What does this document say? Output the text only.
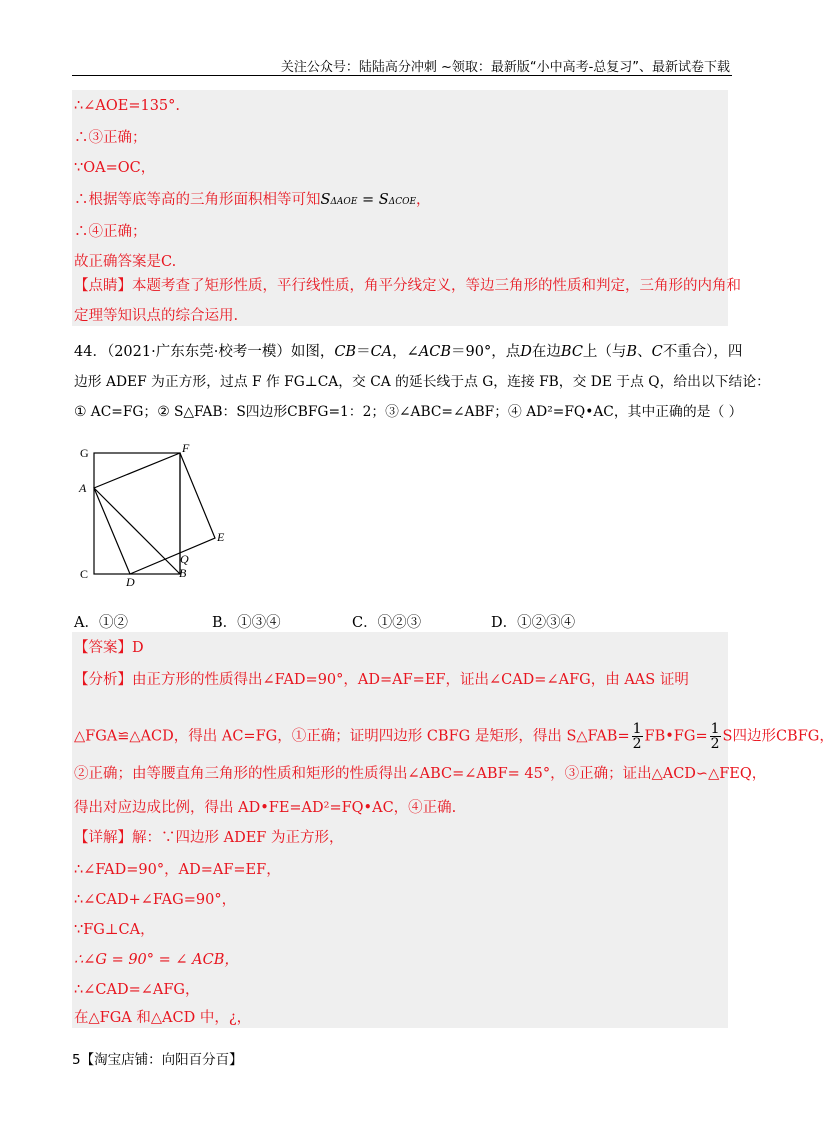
关注公众号：陆陆高分冲刺 ~领取：最新版“小中高考-总复习”、最新试卷下载
∴∠AOE=135°.
∴③正确；
∵OA=OC，
∴根据等底等高的三角形面积相等可知SΔAOE = SΔCOE，
∴④正确；
故正确答案是C.
【点睛】本题考查了矩形性质，平行线性质，角平分线定义，等边三角形的性质和判定，三角形的内角和
定理等知识点的综合运用.
44．（2021·广东东莞·校考一模）如图，CB＝CA，∠ACB＝90°，点D在边BC上（与B、C不重合），四
边形 ADEF 为正方形，过点 F 作 FG⊥CA，交 CA 的延长线于点 G，连接 FB，交 DE 于点 Q，给出以下结论：
① AC=FG；② S△FAB：S四边形CBFG=1：2；③∠ABC=∠ABF；④ AD²=FQ•AC，其中正确的是（ ）
G	F
A
E
Q
C
D
B
A．①②	B．①③④	C．①②③	D．①②③④
【答案】D
【分析】由正方形的性质得出∠FAD=90°，AD=AF=EF，证出∠CAD=∠AFG，由 AAS 证明
△FGA≌△ACD，得出 AC=FG，①正确；证明四边形 CBFG 是矩形，得出 S△FAB= $\frac{1}{2}$ FB•FG= $\frac{1}{2}$ S四边形CBFG，
②正确；由等腰直角三角形的性质和矩形的性质得出∠ABC=∠ABF= 45°，③正确；证出△ACD∽△FEQ，
得出对应边成比例，得出 AD•FE=AD²=FQ•AC，④正确.
【详解】解：∵四边形 ADEF 为正方形，
∴∠FAD=90°，AD=AF=EF，
∴∠CAD+∠FAG=90°，
∵FG⊥CA，
∴∠G = 90° = ∠ ACB，
∴∠CAD=∠AFG，
在△FGA 和△ACD 中，¿，
5【淘宝店铺：向阳百分百】
